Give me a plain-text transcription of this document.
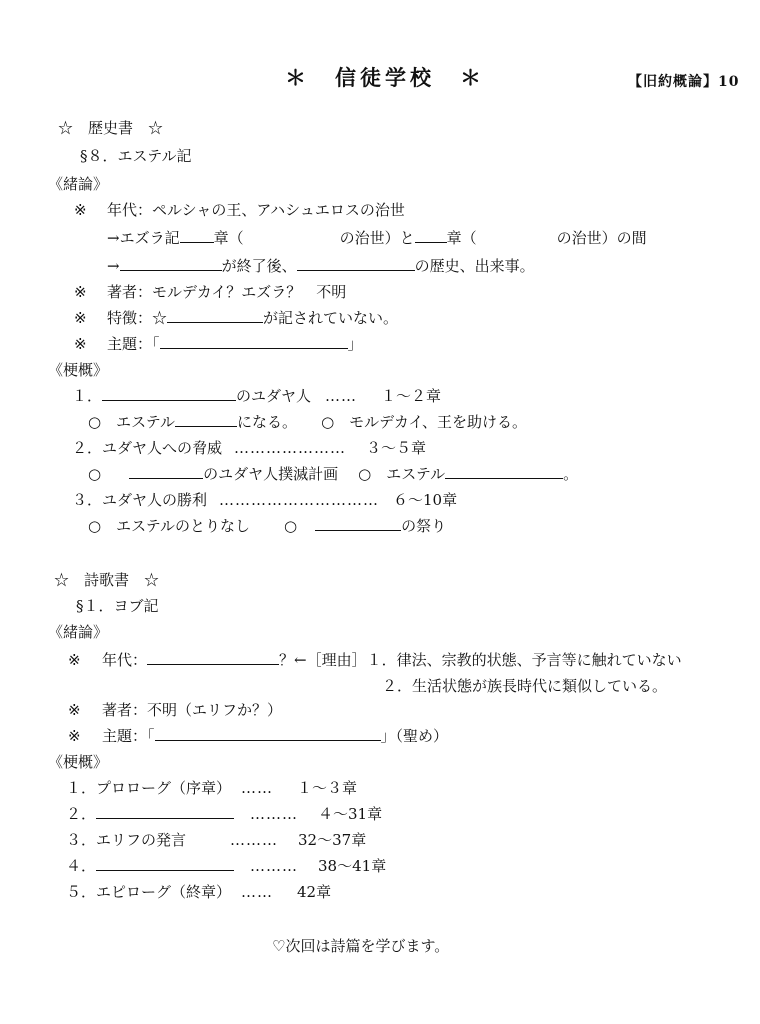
＊　信徒学校　＊	【旧約概論】10
☆　歴史書　☆
§８．エステル記
《緒論》
※ 年代：ペルシャの王、アハシュエロスの治世
→エズラ記 章（	の治世）と 章（	の治世）の間
→	が終了後、	の歴史、出来事。
※ 著者：モルデカイ？エズラ？　不明
※ 特徴：☆	が記されていない。
※ 主題：「	」
《梗概》
１．	のユダヤ人 …… １～２章
○　エステル	になる。 ○　モルデカイ、王を助ける。
２．ユダヤ人への脅威 ………………… ３～５章
○	のユダヤ人撲滅計画 ○　エステル	。
３．ユダヤ人の勝利 ………………………… ６～10章
○　エステルのとりなし ○	の祭り
☆　詩歌書　☆
§１．ヨブ記
《緒論》
※ 年代：	？←［理由］１．律法、宗教的状態、予言等に触れていない
２．生活状態が族長時代に類似している。
※ 著者：不明（エリフか？）
※ 主題：「	」（聖め）
《梗概》
１．プロローグ（序章） …… １～３章
２．	……… ４～31章
３．エリフの発言	……… 32～37章
４．	……… 38～41章
５．エピローグ（終章） …… 42章
♡次回は詩篇を学びます。
